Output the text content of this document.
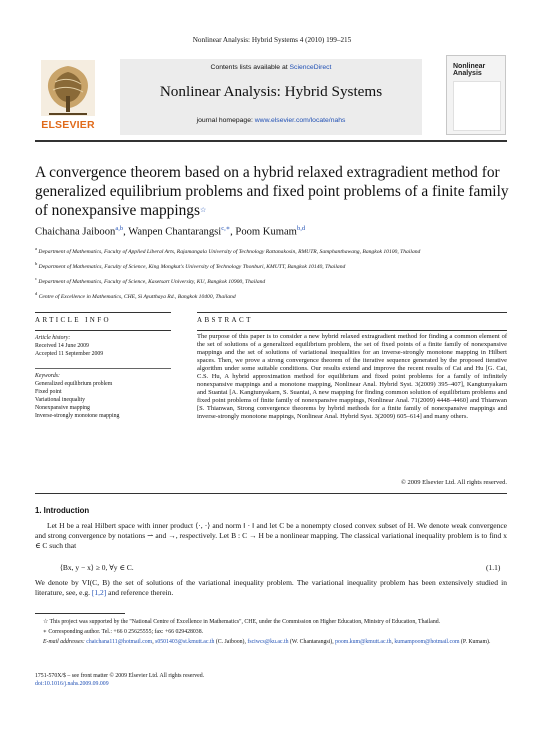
Nonlinear Analysis: Hybrid Systems 4 (2010) 199–215
ELSEVIER
Contents lists available at ScienceDirect
Nonlinear Analysis: Hybrid Systems
journal homepage: www.elsevier.com/locate/nahs
Nonlinear
Analysis
A convergence theorem based on a hybrid relaxed extragradient method for generalized equilibrium problems and fixed point problems of a finite family of nonexpansive mappings☆
Chaichana Jaiboon$^{a,b}$, Wanpen Chantarangsi$^{c,∗}$, Poom Kumam$^{b,d}$

$^a$ Department of Mathematics, Faculty of Applied Liberal Arts, Rajamangala University of Technology Rattanakosin, RMUTR, Samphanthawang, Bangkok 10100, Thailand

$^b$ Department of Mathematics, Faculty of Science, King Mongkut's University of Technology Thonburi, KMUTT, Bangkok 10140, Thailand

$^c$ Department of Mathematics, Faculty of Science, Kasetsart University, KU, Bangkok 10900, Thailand

$^d$ Centre of Excellence in Mathematics, CHE, Si Ayutthaya Rd., Bangkok 10400, Thailand

ARTICLE INFO	ABSTRACT
Article history:
Received 14 June 2009
Accepted 11 September 2009
Keywords:
Generalized equilibrium problem
Fixed point
Variational inequality
Nonexpansive mapping
Inverse-strongly monotone mapping
The purpose of this paper is to consider a new hybrid relaxed extragradient method for finding a common element of the set of solutions of a generalized equilibrium problem, the set of fixed points of a finite family of nonexpansive mappings and the set of solutions of variational inequalities for an inverse-strongly monotone mapping in Hilbert spaces. Then, we prove a strong convergence theorem of the iterative sequence generated by the proposed iterative algorithm under some suitable conditions. Our results extend and improve the recent results of Cai and Hu [G. Cai, C.S. Hu, A hybrid approximation method for equilibrium and fixed point problems for a family of infinitely nonexpansive mappings and a monotone mapping, Nonlinear Anal. Hybrid Syst. 3(2009) 395–407], Kangtunyakarn and Suantai [A. Kangtunyakarn, S. Suantai, A new mapping for finding common solution of equilibrium problems and fixed point problems of finite family of nonexpansive mappings, Nonlinear Anal. 71(2009) 4448–4460] and Thianwan [S. Thianwan, Strong convergence theorems by hybrid methods for a finite family of nonexpansive mappings and inverse-strongly monotone mappings, Nonlinear Anal. Hybrid Syst. 3(2009) 605–614] and many others.
© 2009 Elsevier Ltd. All rights reserved.
1. Introduction
Let H be a real Hilbert space with inner product ⟨·, ·⟩ and norm ‖ · ‖ and let C be a nonempty closed convex subset of H. We denote weak convergence and strong convergence by notations ⇀ and →, respectively. Let B : C → H be a nonlinear mapping. The classical variational inequality problem is to find x ∈ C such that
⟨Bx, y − x⟩ ≥ 0, ∀y ∈ C.	(1.1)
We denote by VI(C, B) the set of solutions of the variational inequality problem. The variational inequality problem has been extensively studied in literature, see, e.g. [1,2] and reference therein.

☆ This project was supported by the "National Centre of Excellence in Mathematics", CHE, under the Commission on Higher Education, Ministry of Education, Thailand.

∗ Corresponding author. Tel.: +66 0 25625555; fax: +66 029428038.

E-mail addresses: chaichana111@hotmail.com, s0501403@st.kmutt.ac.th (C. Jaiboon), fsciwcs@ku.ac.th (W. Chantarangsi), poom.kum@kmutt.ac.th, kumampoom@hotmail.com (P. Kumam).

1751-570X/$ – see front matter © 2009 Elsevier Ltd. All rights reserved.
doi:10.1016/j.nahs.2009.09.009
